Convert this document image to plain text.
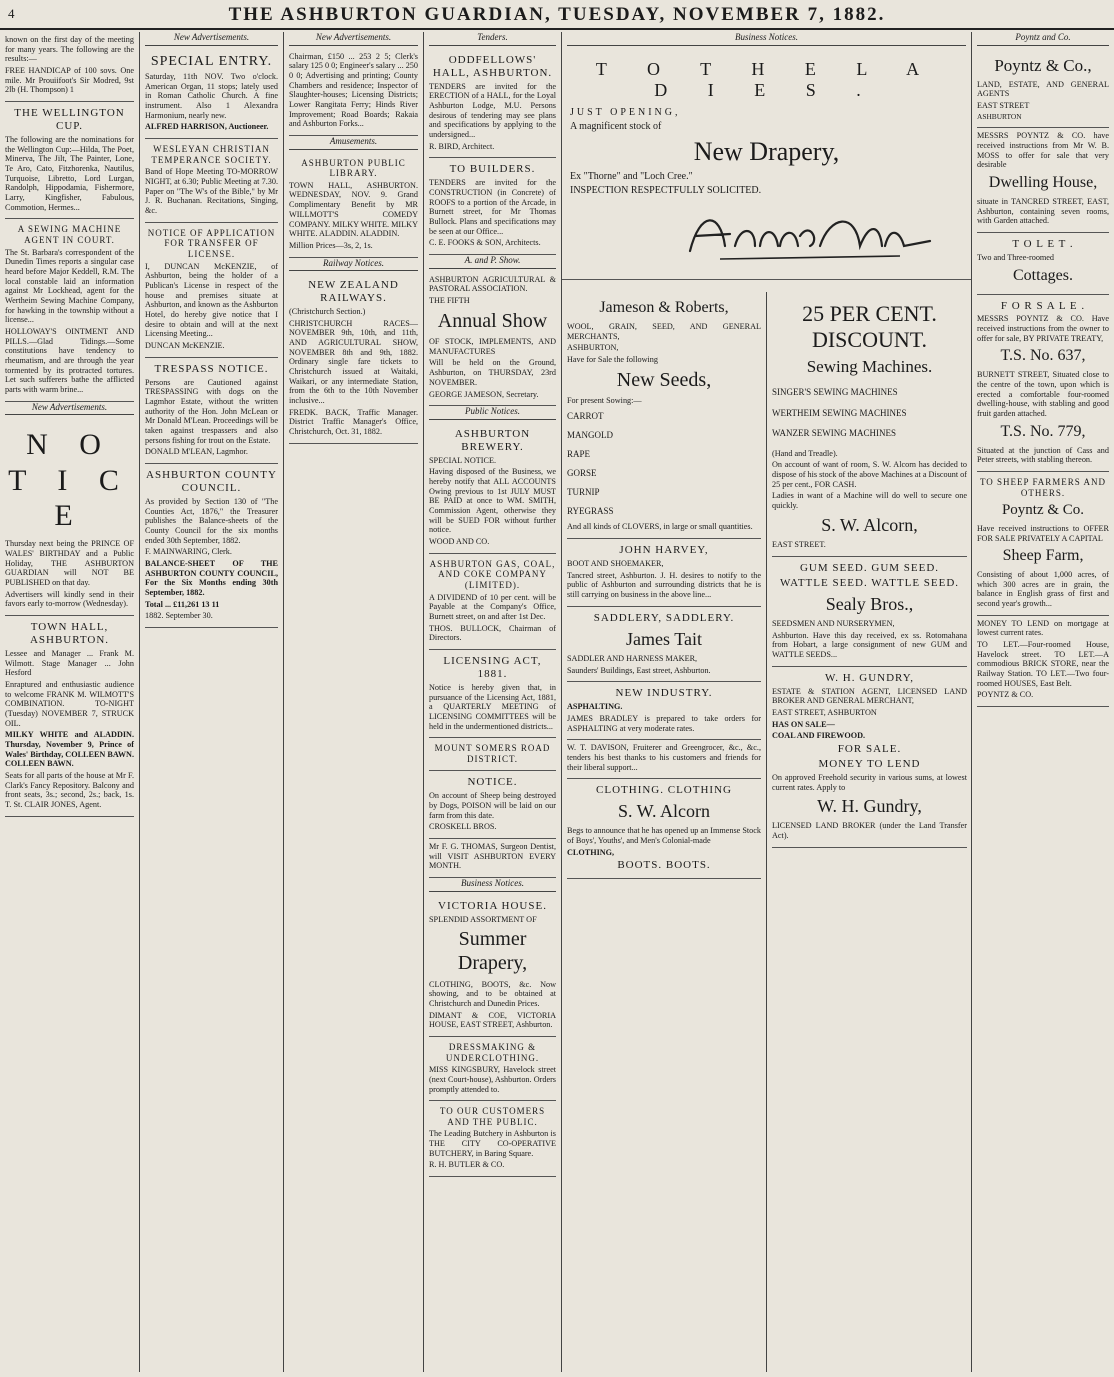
4	THE ASHBURTON GUARDIAN, TUESDAY, NOVEMBER 7, 1882.

known on the first day of the meeting for many years. The following are the results:—

FREE HANDICAP of 100 sovs. One mile. Mr Prouiifoot's Sir Modred, 9st 2lb (H. Thompson) 1

THE WELLINGTON CUP.

The following are the nominations for the Wellington Cup:—Hilda, The Poet, Minerva, The Jilt, The Painter, Lone, Te Aro, Cato, Fitzhorenka, Nautilus, Turquoise, Libretto, Lord Lurgan, Randolph, Hippodamia, Fishermore, Larry, Kingfisher, Fabulous, Commotion, Hermes...

A SEWING MACHINE AGENT IN COURT.

The St. Barbara's correspondent of the Dunedin Times reports a singular case heard before Major Keddell, R.M. The local constable laid an information against Mr Lockhead, agent for the Wertheim Sewing Machine Company, for hawking in the township without a license...

HOLLOWAY'S OINTMENT AND PILLS.—Glad Tidings.—Some constitutions have tendency to rheumatism, and are through the year tormented by its protracted tortures. Let such sufferers bathe the afflicted parts with warm brine...

New Advertisements.
N O T I C E

Thursday next being the PRINCE OF WALES' BIRTHDAY and a Public Holiday, THE ASHBURTON GUARDIAN will NOT BE PUBLISHED on that day.

Advertisers will kindly send in their favors early to-morrow (Wednesday).

TOWN HALL, ASHBURTON.

Lessee and Manager ... Frank M. Wilmott. Stage Manager ... John Hesford

Enraptured and enthusiastic audience to welcome FRANK M. WILMOTT'S COMBINATION. TO-NIGHT (Tuesday) NOVEMBER 7, STRUCK OIL.

MILKY WHITE and ALADDIN. Thursday, November 9, Prince of Wales' Birthday, COLLEEN BAWN. COLLEEN BAWN.

Seats for all parts of the house at Mr F. Clark's Fancy Repository. Balcony and front seats, 3s.; second, 2s.; back, 1s. T. St. CLAIR JONES, Agent.

New Advertisements.
SPECIAL ENTRY.

Saturday, 11th NOV. Two o'clock. American Organ, 11 stops; lately used in Roman Catholic Church. A fine instrument. Also 1 Alexandra Harmonium, nearly new.

ALFRED HARRISON, Auctioneer.

WESLEYAN CHRISTIAN TEMPERANCE SOCIETY.

Band of Hope Meeting TO-MORROW NIGHT, at 6.30; Public Meeting at 7.30. Paper on "The W's of the Bible," by Mr J. R. Buchanan. Recitations, Singing, &c.

NOTICE OF APPLICATION FOR TRANSFER OF LICENSE.

I, DUNCAN McKENZIE, of Ashburton, being the holder of a Publican's License in respect of the house and premises situate at Ashburton, and known as the Ashburton Hotel, do hereby give notice that I desire to obtain and will at the next Licensing Meeting...

DUNCAN McKENZIE.

TRESPASS NOTICE.

Persons are Cautioned against TRESPASSING with dogs on the Lagmhor Estate, without the written authority of the Hon. John McLean or Mr Donald M'Lean. Proceedings will be taken against trespassers and also persons fishing for trout on the Estate.

DONALD M'LEAN, Lagmhor.

ASHBURTON COUNTY COUNCIL.

As provided by Section 130 of "The Counties Act, 1876," the Treasurer publishes the Balance-sheets of the County Council for the six months ended 30th September, 1882.

F. MAINWARING, Clerk.

BALANCE-SHEET OF THE ASHBURTON COUNTY COUNCIL, For the Six Months ending 30th September, 1882.

Total ... £11,261 13 11

1882. September 30.

New Advertisements.

Chairman, £150 ... 253 2 5; Clerk's salary 125 0 0; Engineer's salary ... 250 0 0; Advertising and printing; County Chambers and residence; Inspector of Slaughter-houses; Licensing Districts; Lower Rangitata Ferry; Hinds River Improvement; Road Boards; Rakaia and Ashburton Forks...

Amusements.
ASHBURTON PUBLIC LIBRARY.

TOWN HALL, ASHBURTON. WEDNESDAY, NOV. 9. Grand Complimentary Benefit by MR WILLMOTT'S COMEDY COMPANY. MILKY WHITE. MILKY WHITE. ALADDIN. ALADDIN.

Million Prices—3s, 2, 1s.

Railway Notices.
NEW ZEALAND RAILWAYS.

(Christchurch Section.)

CHRISTCHURCH RACES—NOVEMBER 9th, 10th, and 11th, AND AGRICULTURAL SHOW, NOVEMBER 8th and 9th, 1882. Ordinary single fare tickets to Christchurch issued at Waitaki, Waikari, or any intermediate Station, from the 6th to the 10th November inclusive...

FREDK. BACK, Traffic Manager. District Traffic Manager's Office, Christchurch, Oct. 31, 1882.

Tenders.
ODDFELLOWS' HALL, ASHBURTON.

TENDERS are invited for the ERECTION of a HALL, for the Loyal Ashburton Lodge, M.U. Persons desirous of tendering may see plans and specifications by applying to the undersigned...

R. BIRD, Architect.

TO BUILDERS.

TENDERS are invited for the CONSTRUCTION (in Concrete) of ROOFS to a portion of the Arcade, in Burnett street, for Mr Thomas Bullock. Plans and specifications may be seen at our Office...

C. E. FOOKS & SON, Architects.

A. and P. Show.

ASHBURTON AGRICULTURAL & PASTORAL ASSOCIATION.

THE FIFTH

Annual Show

OF STOCK, IMPLEMENTS, AND MANUFACTURES

Will be held on the Ground, Ashburton, on THURSDAY, 23rd NOVEMBER.

GEORGE JAMESON, Secretary.

Public Notices.
ASHBURTON BREWERY.

SPECIAL NOTICE.

Having disposed of the Business, we hereby notify that ALL ACCOUNTS Owing previous to 1st JULY MUST BE PAID at once to WM. SMITH, Commission Agent, otherwise they will be SUED FOR without further notice.

WOOD AND CO.

ASHBURTON GAS, COAL, AND COKE COMPANY (LIMITED).

A DIVIDEND of 10 per cent. will be Payable at the Company's Office, Burnett street, on and after 1st Dec.

THOS. BULLOCK, Chairman of Directors.

LICENSING ACT, 1881.

Notice is hereby given that, in pursuance of the Licensing Act, 1881, a QUARTERLY MEETING of LICENSING COMMITTEES will be held in the undermentioned districts...

MOUNT SOMERS ROAD DISTRICT.
NOTICE.

On account of Sheep being destroyed by Dogs, POISON will be laid on our farm from this date.

CROSKELL BROS.

Mr F. G. THOMAS, Surgeon Dentist, will VISIT ASHBURTON EVERY MONTH.

Business Notices.
VICTORIA HOUSE.

SPLENDID ASSORTMENT OF

Summer Drapery,

CLOTHING, BOOTS, &c. Now showing, and to be obtained at Christchurch and Dunedin Prices.

DIMANT & COE, VICTORIA HOUSE, EAST STREET, Ashburton.

DRESSMAKING & UNDERCLOTHING.

MISS KINGSBURY, Havelock street (next Court-house), Ashburton. Orders promptly attended to.

TO OUR CUSTOMERS AND THE PUBLIC.

The Leading Butchery in Ashburton is THE CITY CO-OPERATIVE BUTCHERY, in Baring Square.

R. H. BUTLER & CO.

Business Notices.
T O T H E L A D I E S .

JUST OPENING,

A magnificent stock of

New Drapery,

Ex "Thorne" and "Loch Cree."

INSPECTION RESPECTFULLY SOLICITED.

Jameson & Roberts,

WOOL, GRAIN, SEED, AND GENERAL MERCHANTS,

ASHBURTON,

Have for Sale the following

New Seeds,

For present Sowing:—

CARROT

MANGOLD

RAPE

GORSE

TURNIP

RYEGRASS

And all kinds of CLOVERS, in large or small quantities.

JOHN HARVEY,

BOOT AND SHOEMAKER,

Tancred street, Ashburton. J. H. desires to notify to the public of Ashburton and surrounding districts that he is still carrying on business in the above line...

SADDLERY, SADDLERY.
James Tait

SADDLER AND HARNESS MAKER,

Saunders' Buildings, East street, Ashburton.

NEW INDUSTRY.

ASPHALTING.

JAMES BRADLEY is prepared to take orders for ASPHALTING at very moderate rates.

W. T. DAVISON, Fruiterer and Greengrocer, &c., &c., tenders his best thanks to his customers and friends for their liberal support...

CLOTHING. CLOTHING
S. W. Alcorn

Begs to announce that he has opened up an Immense Stock of Boys', Youths', and Men's Colonial-made

CLOTHING,

BOOTS. BOOTS.
25 PER CENT. DISCOUNT.
Sewing Machines.

SINGER'S SEWING MACHINES

WERTHEIM SEWING MACHINES

WANZER SEWING MACHINES

(Hand and Treadle).

On account of want of room, S. W. Alcorn has decided to dispose of his stock of the above Machines at a Discount of 25 per cent., FOR CASH.

Ladies in want of a Machine will do well to secure one quickly.

S. W. Alcorn,

EAST STREET.

GUM SEED. GUM SEED.
WATTLE SEED. WATTLE SEED.
Sealy Bros.,

SEEDSMEN AND NURSERYMEN,

Ashburton. Have this day received, ex ss. Rotomahana from Hobart, a large consignment of new GUM and WATTLE SEEDS...

W. H. GUNDRY,

ESTATE & STATION AGENT, LICENSED LAND BROKER AND GENERAL MERCHANT,

EAST STREET, ASHBURTON

HAS ON SALE—

COAL AND FIREWOOD.

FOR SALE.
MONEY TO LEND

On approved Freehold security in various sums, at lowest current rates. Apply to

W. H. Gundry,

LICENSED LAND BROKER (under the Land Transfer Act).

Poyntz and Co.
Poyntz & Co.,

LAND, ESTATE, AND GENERAL AGENTS

EAST STREET

ASHBURTON

MESSRS POYNTZ & CO. have received instructions from Mr W. B. MOSS to offer for sale that very desirable

Dwelling House,

situate in TANCRED STREET, EAST, Ashburton, containing seven rooms, with Garden attached.

T O L E T .

Two and Three-roomed

Cottages.
F O R S A L E .

MESSRS POYNTZ & CO. Have received instructions from the owner to offer for sale, BY PRIVATE TREATY,

T.S. No. 637,

BURNETT STREET, Situated close to the centre of the town, upon which is erected a comfortable four-roomed dwelling-house, with stabling and good fruit garden attached.

T.S. No. 779,

Situated at the junction of Cass and Peter streets, with stabling thereon.

TO SHEEP FARMERS AND OTHERS.
Poyntz & Co.

Have received instructions to OFFER FOR SALE PRIVATELY A CAPITAL

Sheep Farm,

Consisting of about 1,000 acres, of which 300 acres are in grain, the balance in English grass of first and second year's growth...

MONEY TO LEND on mortgage at lowest current rates.

TO LET.—Four-roomed House, Havelock street. TO LET.—A commodious BRICK STORE, near the Railway Station. TO LET.—Two four-roomed HOUSES, East Belt.

POYNTZ & CO.
